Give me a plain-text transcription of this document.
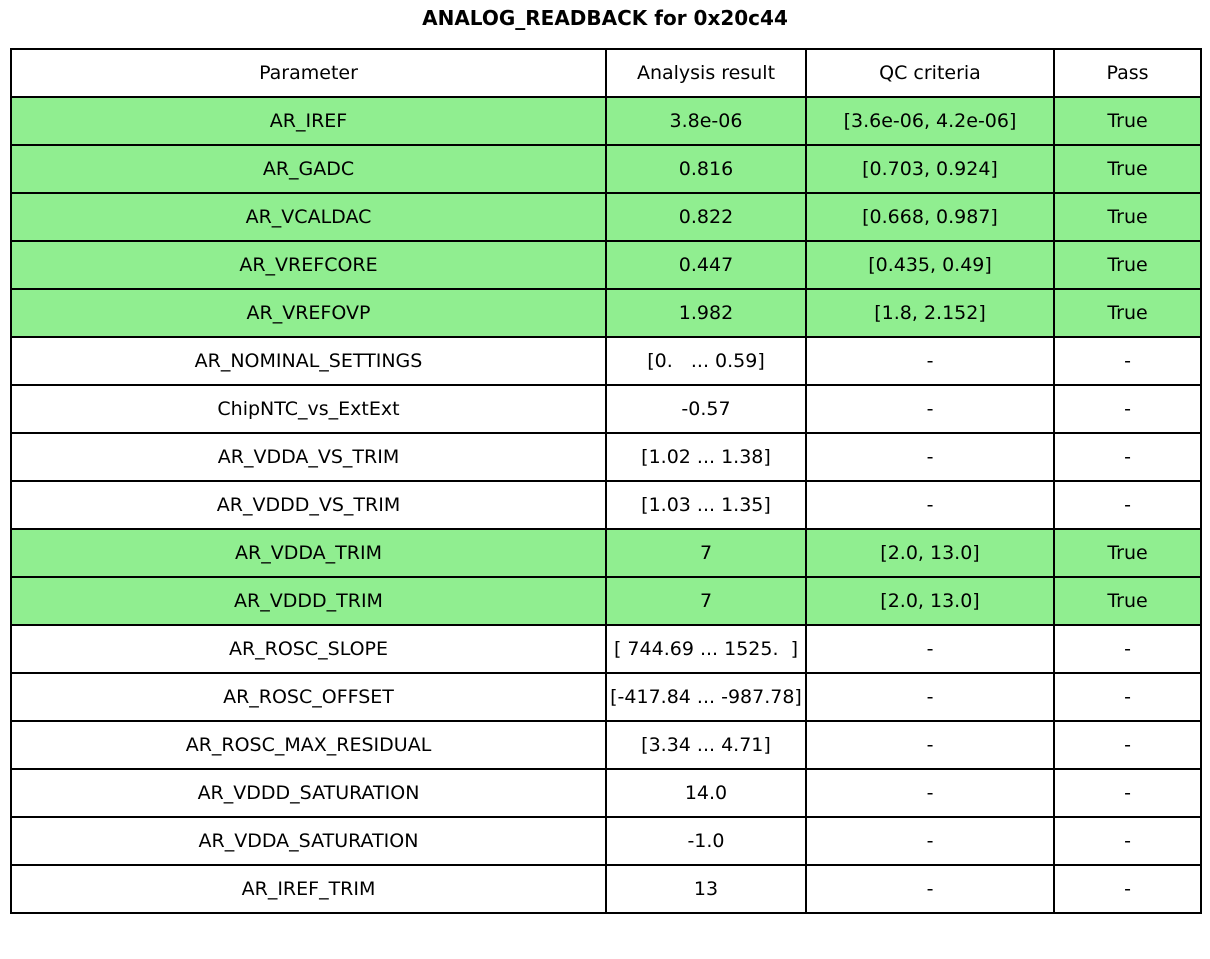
ANALOG_READBACK for 0x20c44
Parameter	Analysis result	QC criteria	Pass
AR_IREF	3.8e-06	[3.6e-06, 4.2e-06]	True
AR_GADC	0.816	[0.703, 0.924]	True
AR_VCALDAC	0.822	[0.668, 0.987]	True
AR_VREFCORE	0.447	[0.435, 0.49]	True
AR_VREFOVP	1.982	[1.8, 2.152]	True
AR_NOMINAL_SETTINGS	[0.   ... 0.59]	-	-
ChipNTC_vs_ExtExt	-0.57	-	-
AR_VDDA_VS_TRIM	[1.02 ... 1.38]	-	-
AR_VDDD_VS_TRIM	[1.03 ... 1.35]	-	-
AR_VDDA_TRIM	7	[2.0, 13.0]	True
AR_VDDD_TRIM	7	[2.0, 13.0]	True
AR_ROSC_SLOPE	[ 744.69 ... 1525.  ]	-	-
AR_ROSC_OFFSET	[-417.84 ... -987.78]	-	-
AR_ROSC_MAX_RESIDUAL	[3.34 ... 4.71]	-	-
AR_VDDD_SATURATION	14.0	-	-
AR_VDDA_SATURATION	-1.0	-	-
AR_IREF_TRIM	13	-	-
